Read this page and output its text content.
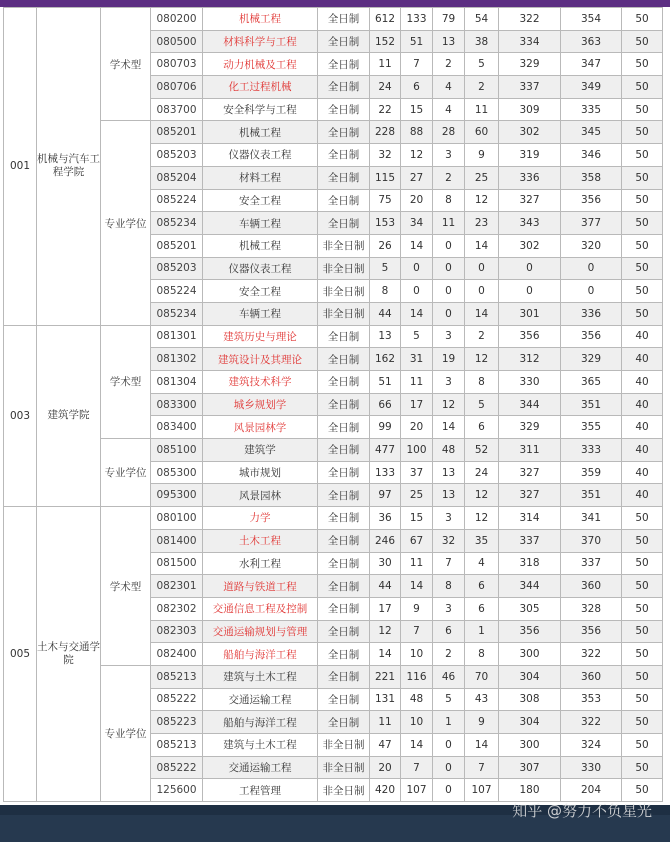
001	机械与汽车工程学院	学术型	080200	机械工程	全日制	612	133	79	54	322	354	50
			080500	材料科学与工程	全日制	152	51	13	38	334	363	50
			080703	动力机械及工程	全日制	11	7	2	5	329	347	50
			080706	化工过程机械	全日制	24	6	4	2	337	349	50
			083700	安全科学与工程	全日制	22	15	4	11	309	335	50
		专业学位	085201	机械工程	全日制	228	88	28	60	302	345	50
			085203	仪器仪表工程	全日制	32	12	3	9	319	346	50
			085204	材料工程	全日制	115	27	2	25	336	358	50
			085224	安全工程	全日制	75	20	8	12	327	356	50
			085234	车辆工程	全日制	153	34	11	23	343	377	50
			085201	机械工程	非全日制	26	14	0	14	302	320	50
			085203	仪器仪表工程	非全日制	5	0	0	0	0	0	50
			085224	安全工程	非全日制	8	0	0	0	0	0	50
			085234	车辆工程	非全日制	44	14	0	14	301	336	50
003	建筑学院	学术型	081301	建筑历史与理论	全日制	13	5	3	2	356	356	40
			081302	建筑设计及其理论	全日制	162	31	19	12	312	329	40
			081304	建筑技术科学	全日制	51	11	3	8	330	365	40
			083300	城乡规划学	全日制	66	17	12	5	344	351	40
			083400	风景园林学	全日制	99	20	14	6	329	355	40
		专业学位	085100	建筑学	全日制	477	100	48	52	311	333	40
			085300	城市规划	全日制	133	37	13	24	327	359	40
			095300	风景园林	全日制	97	25	13	12	327	351	40
005	土木与交通学院	学术型	080100	力学	全日制	36	15	3	12	314	341	50
			081400	土木工程	全日制	246	67	32	35	337	370	50
			081500	水利工程	全日制	30	11	7	4	318	337	50
			082301	道路与铁道工程	全日制	44	14	8	6	344	360	50
			082302	交通信息工程及控制	全日制	17	9	3	6	305	328	50
			082303	交通运输规划与管理	全日制	12	7	6	1	356	356	50
			082400	船舶与海洋工程	全日制	14	10	2	8	300	322	50
		专业学位	085213	建筑与土木工程	全日制	221	116	46	70	304	360	50
			085222	交通运输工程	全日制	131	48	5	43	308	353	50
			085223	船舶与海洋工程	全日制	11	10	1	9	304	322	50
			085213	建筑与土木工程	非全日制	47	14	0	14	300	324	50
			085222	交通运输工程	非全日制	20	7	0	7	307	330	50
			125600	工程管理	非全日制	420	107	0	107	180	204	50
知乎 @努力不负星光
